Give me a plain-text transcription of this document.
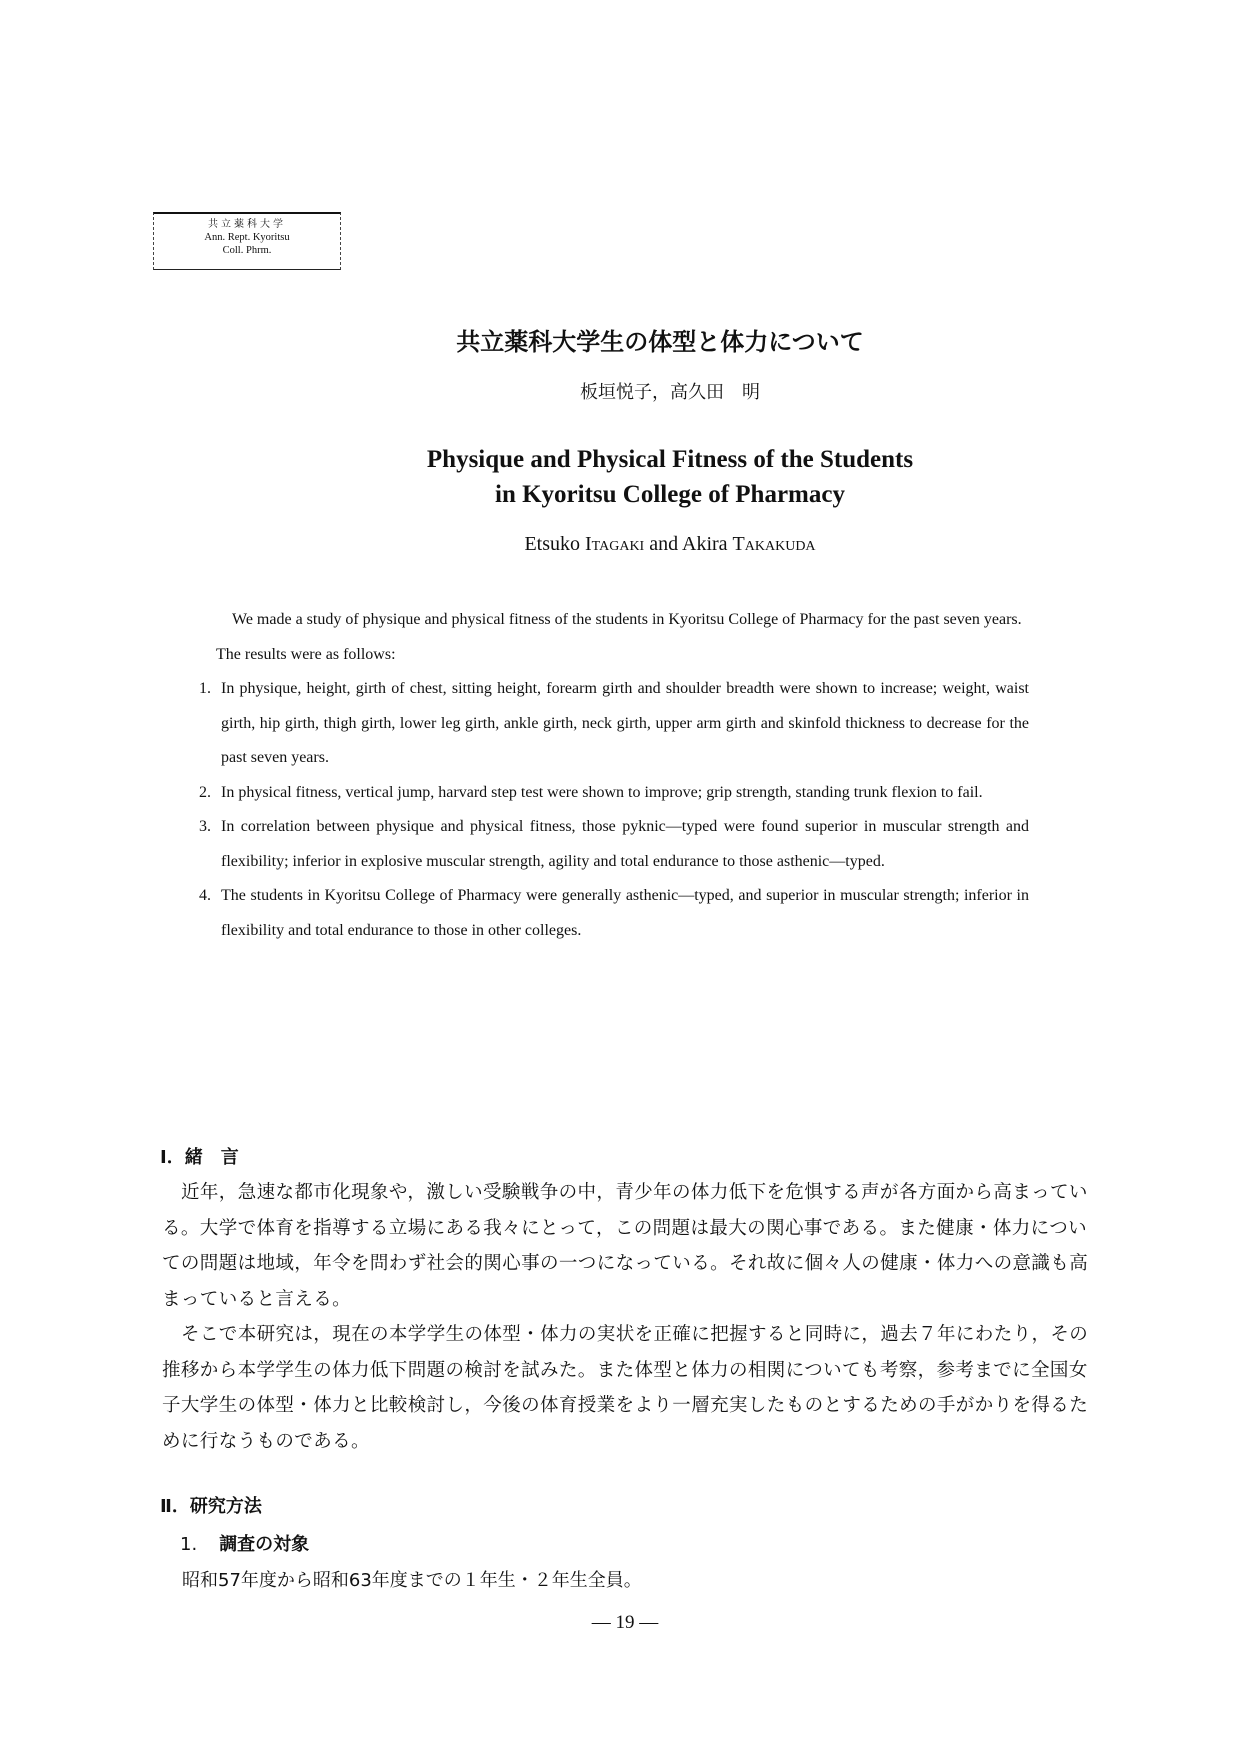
共立薬科大学
Ann. Rept. Kyoritsu
Coll. Phrm.
共立薬科大学生の体型と体力について
板垣悦子，高久田　明
Physique and Physical Fitness of the Students
in Kyoritsu College of Pharmacy
Etsuko Itagaki and Akira Takakuda

We made a study of physique and physical fitness of the students in Kyoritsu College of Pharmacy for the past seven years.

The results were as follows:

1. In physique, height, girth of chest, sitting height, forearm girth and shoulder breadth were shown to increase; weight, waist girth, hip girth, thigh girth, lower leg girth, ankle girth, neck girth, upper arm girth and skinfold thickness to decrease for the past seven years.
2. In physical fitness, vertical jump, harvard step test were shown to improve; grip strength, standing trunk flexion to fail.
3. In correlation between physique and physical fitness, those pyknic—typed were found superior in muscular strength and flexibility; inferior in explosive muscular strength, agility and total endurance to those asthenic—typed.
4. The students in Kyoritsu College of Pharmacy were generally asthenic—typed, and superior in muscular strength; inferior in flexibility and total endurance to those in other colleges.
Ⅰ．緒　言

近年，急速な都市化現象や，激しい受験戦争の中，青少年の体力低下を危惧する声が各方面から高まっている。大学で体育を指導する立場にある我々にとって，この問題は最大の関心事である。また健康・体力についての問題は地域，年令を問わず社会的関心事の一つになっている。それ故に個々人の健康・体力への意識も高まっていると言える。

そこで本研究は，現在の本学学生の体型・体力の実状を正確に把握すると同時に，過去７年にわたり，その推移から本学学生の体力低下問題の検討を試みた。また体型と体力の相関についても考察，参考までに全国女子大学生の体型・体力と比較検討し，今後の体育授業をより一層充実したものとするための手がかりを得るために行なうものである。

Ⅱ．研究方法
1. 調査の対象
昭和57年度から昭和63年度までの１年生・２年生全員。
— 19 —
